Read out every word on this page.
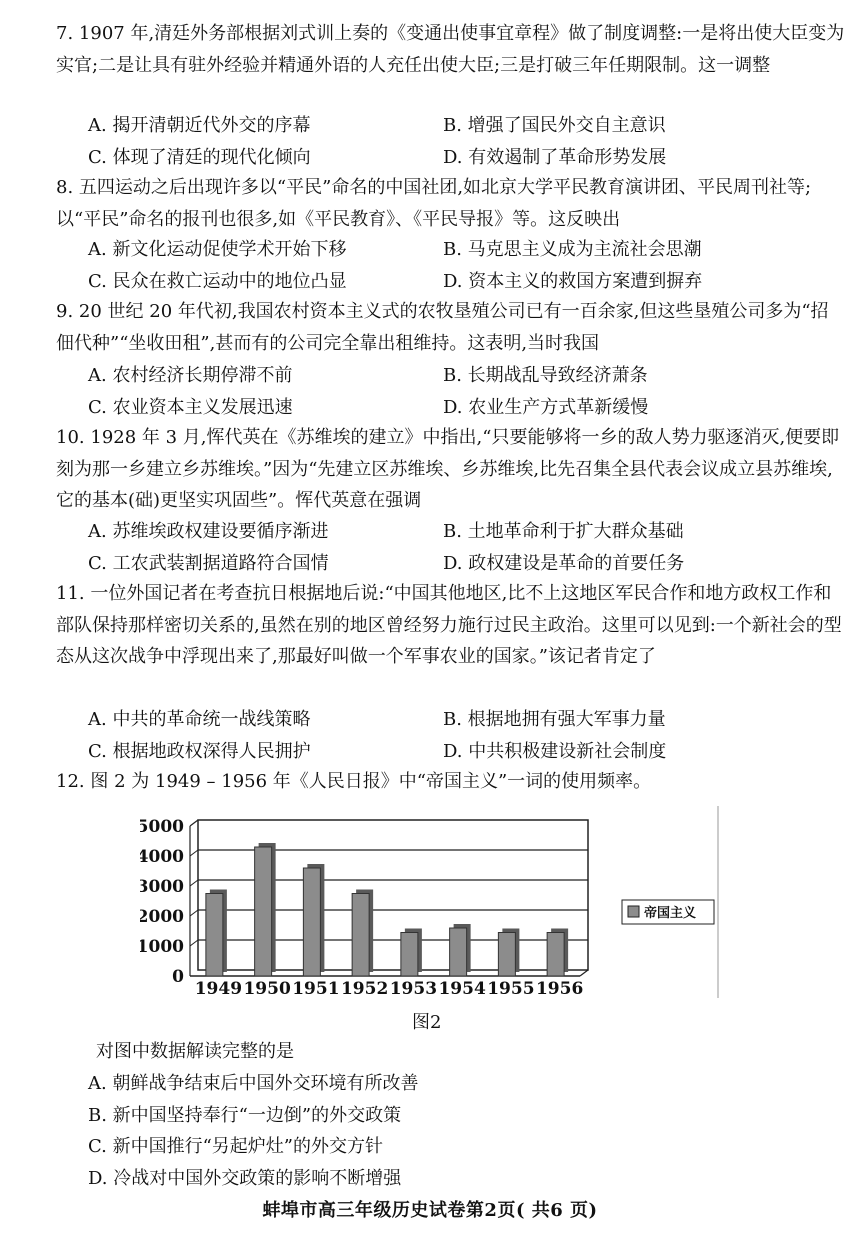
7. 1907 年,清廷外务部根据刘式训上奏的《变通出使事宜章程》做了制度调整:一是将出使大臣变为实官;二是让具有驻外经验并精通外语的人充任出使大臣;三是打破三年任期限制。这一调整
A. 揭开清朝近代外交的序幕	B. 增强了国民外交自主意识
C. 体现了清廷的现代化倾向	D. 有效遏制了革命形势发展
8. 五四运动之后出现许多以“平民”命名的中国社团,如北京大学平民教育演讲团、平民周刊社等;以“平民”命名的报刊也很多,如《平民教育》、《平民导报》等。这反映出
A. 新文化运动促使学术开始下移	B. 马克思主义成为主流社会思潮
C. 民众在救亡运动中的地位凸显	D. 资本主义的救国方案遭到摒弃
9. 20 世纪 20 年代初,我国农村资本主义式的农牧垦殖公司已有一百余家,但这些垦殖公司多为“招佃代种”“坐收田租”,甚而有的公司完全靠出租维持。这表明,当时我国
A. 农村经济长期停滞不前	B. 长期战乱导致经济萧条
C. 农业资本主义发展迅速	D. 农业生产方式革新缓慢
10. 1928 年 3 月,恽代英在《苏维埃的建立》中指出,“只要能够将一乡的敌人势力驱逐消灭,便要即刻为那一乡建立乡苏维埃。”因为“先建立区苏维埃、乡苏维埃,比先召集全县代表会议成立县苏维埃,它的基本(础)更坚实巩固些”。恽代英意在强调
A. 苏维埃政权建设要循序渐进	B. 土地革命利于扩大群众基础
C. 工农武装割据道路符合国情	D. 政权建设是革命的首要任务
11. 一位外国记者在考查抗日根据地后说:“中国其他地区,比不上这地区军民合作和地方政权工作和部队保持那样密切关系的,虽然在别的地区曾经努力施行过民主政治。这里可以见到:一个新社会的型态从这次战争中浮现出来了,那最好叫做一个军事农业的国家。”该记者肯定了
A. 中共的革命统一战线策略	B. 根据地拥有强大军事力量
C. 根据地政权深得人民拥护	D. 中共积极建设新社会制度
12. 图 2 为 1949 – 1956 年《人民日报》中“帝国主义”一词的使用频率。
5000
4000
3000
2000
1000
0
1949 1950 1951 1952 1953 1954 1955 1956
帝国主义
图2
对图中数据解读完整的是
A. 朝鲜战争结束后中国外交环境有所改善
B. 新中国坚持奉行“一边倒”的外交政策
C. 新中国推行“另起炉灶”的外交方针
D. 冷战对中国外交政策的影响不断增强
蚌埠市高三年级历史试卷第2页( 共6 页)
